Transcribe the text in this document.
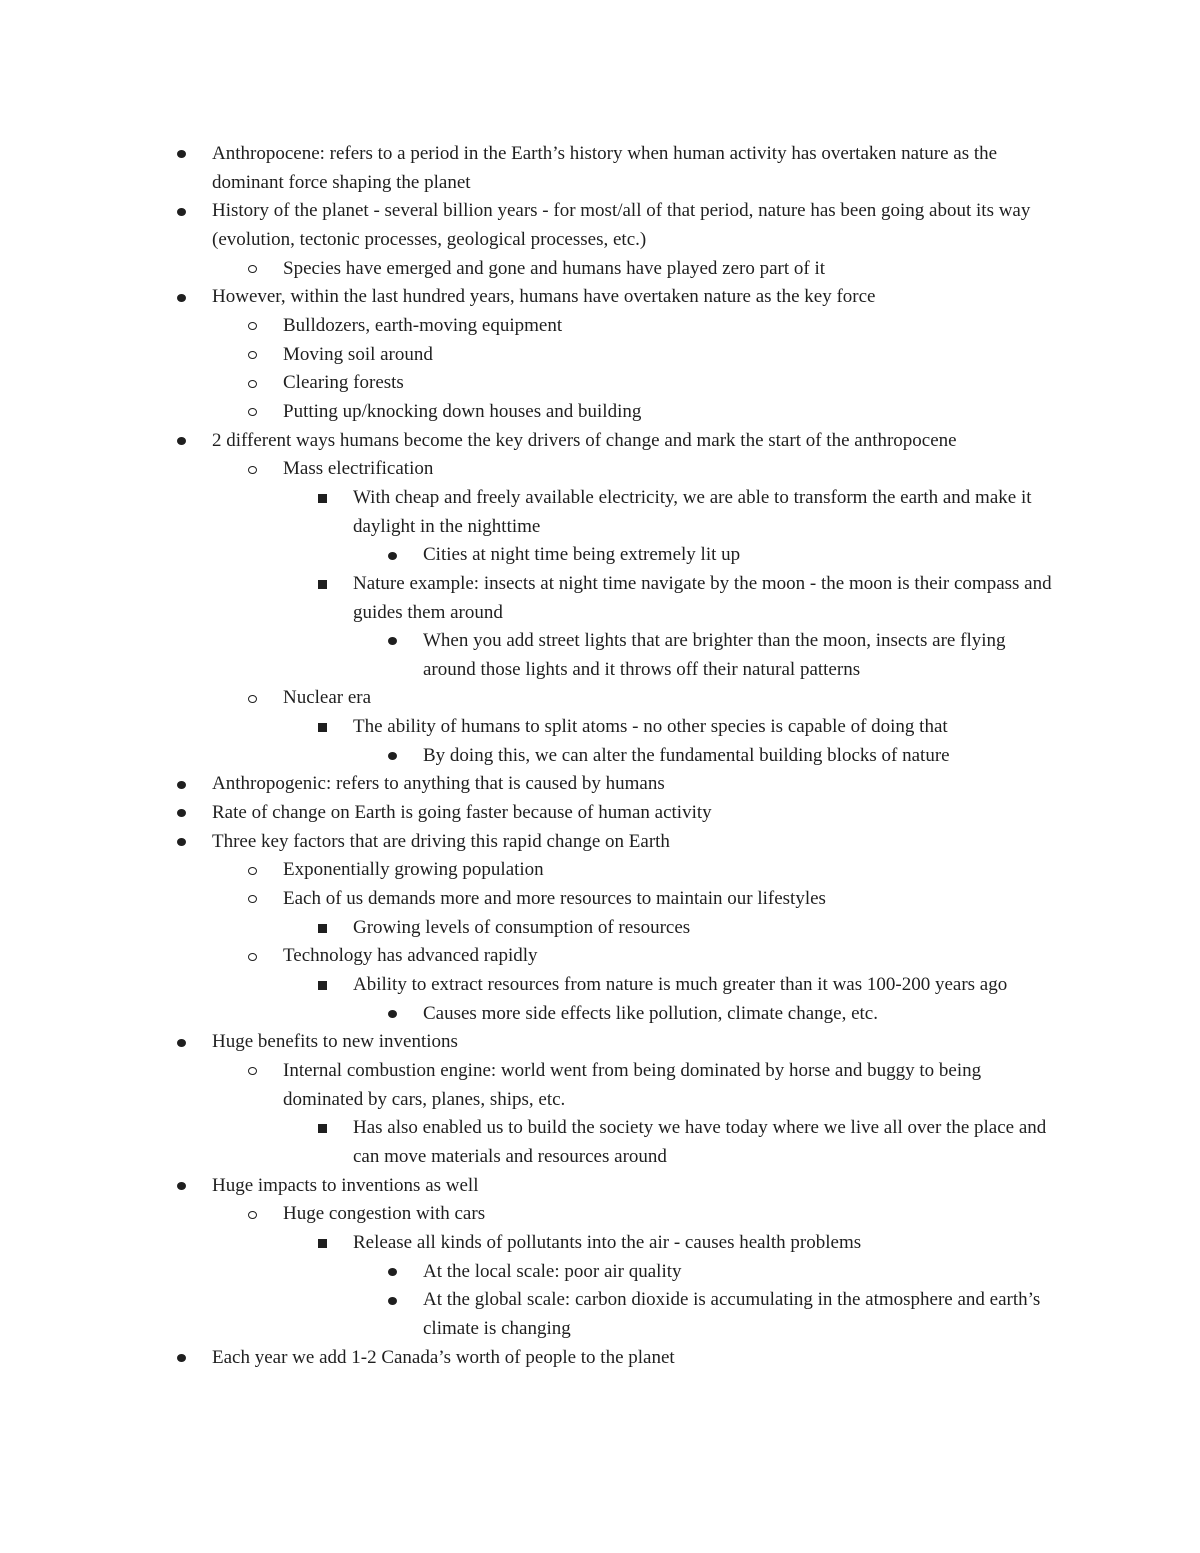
Anthropocene: refers to a period in the Earth’s history when human activity has overtaken nature as the dominant force shaping the planet
History of the planet - several billion years - for most/all of that period, nature has been going about its way (evolution, tectonic processes, geological processes, etc.)
Species have emerged and gone and humans have played zero part of it
However, within the last hundred years, humans have overtaken nature as the key force
Bulldozers, earth-moving equipment
Moving soil around
Clearing forests
Putting up/knocking down houses and building
2 different ways humans become the key drivers of change and mark the start of the anthropocene
Mass electrification
With cheap and freely available electricity, we are able to transform the earth and make it daylight in the nighttime
Cities at night time being extremely lit up
Nature example: insects at night time navigate by the moon - the moon is their compass and guides them around
When you add street lights that are brighter than the moon, insects are flying around those lights and it throws off their natural patterns
Nuclear era
The ability of humans to split atoms - no other species is capable of doing that
By doing this, we can alter the fundamental building blocks of nature
Anthropogenic: refers to anything that is caused by humans
Rate of change on Earth is going faster because of human activity
Three key factors that are driving this rapid change on Earth
Exponentially growing population
Each of us demands more and more resources to maintain our lifestyles
Growing levels of consumption of resources
Technology has advanced rapidly
Ability to extract resources from nature is much greater than it was 100-200 years ago
Causes more side effects like pollution, climate change, etc.
Huge benefits to new inventions
Internal combustion engine: world went from being dominated by horse and buggy to being dominated by cars, planes, ships, etc.
Has also enabled us to build the society we have today where we live all over the place and can move materials and resources around
Huge impacts to inventions as well
Huge congestion with cars
Release all kinds of pollutants into the air - causes health problems
At the local scale: poor air quality
At the global scale: carbon dioxide is accumulating in the atmosphere and earth’s climate is changing
Each year we add 1-2 Canada’s worth of people to the planet
